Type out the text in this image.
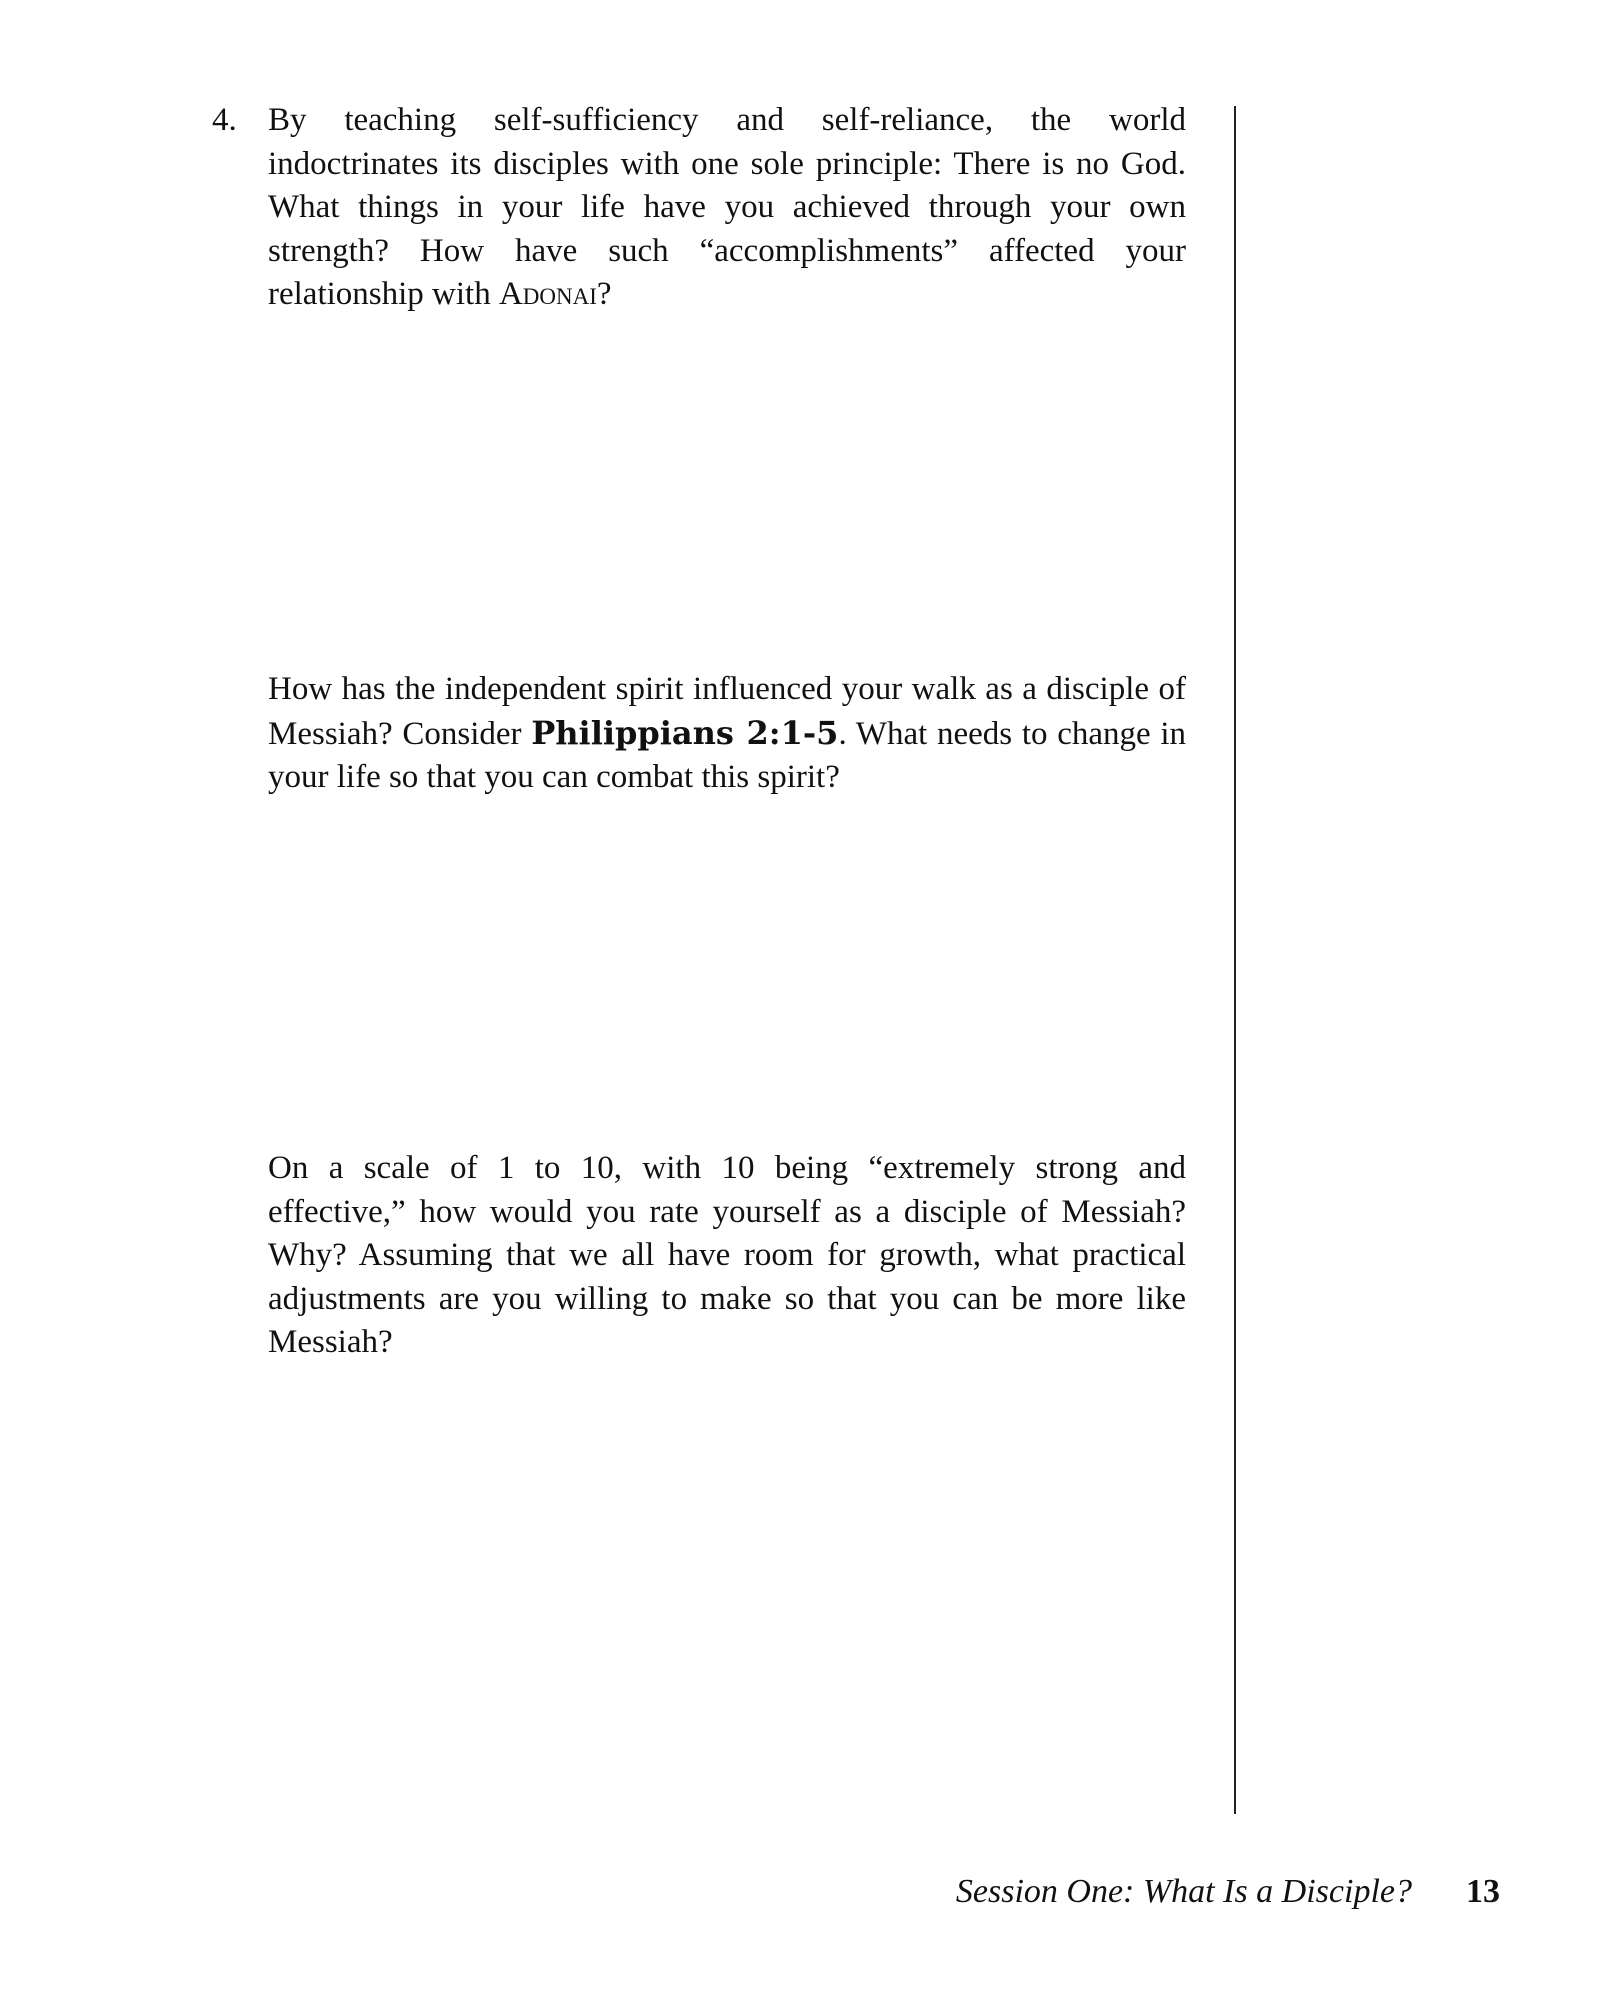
4. By teaching self-sufficiency and self-reliance, the world indoctrinates its disciples with one sole principle: There is no God. What things in your life have you achieved through your own strength? How have such “accomplishments” affected your relationship with Adonai?

How has the independent spirit influenced your walk as a disciple of Messiah? Consider Philippians 2:1-5. What needs to change in your life so that you can combat this spirit?

On a scale of 1 to 10, with 10 being “extremely strong and effective,” how would you rate yourself as a disciple of Messiah? Why? Assuming that we all have room for growth, what practical adjustments are you willing to make so that you can be more like Messiah?

Session One: What Is a Disciple? 13
